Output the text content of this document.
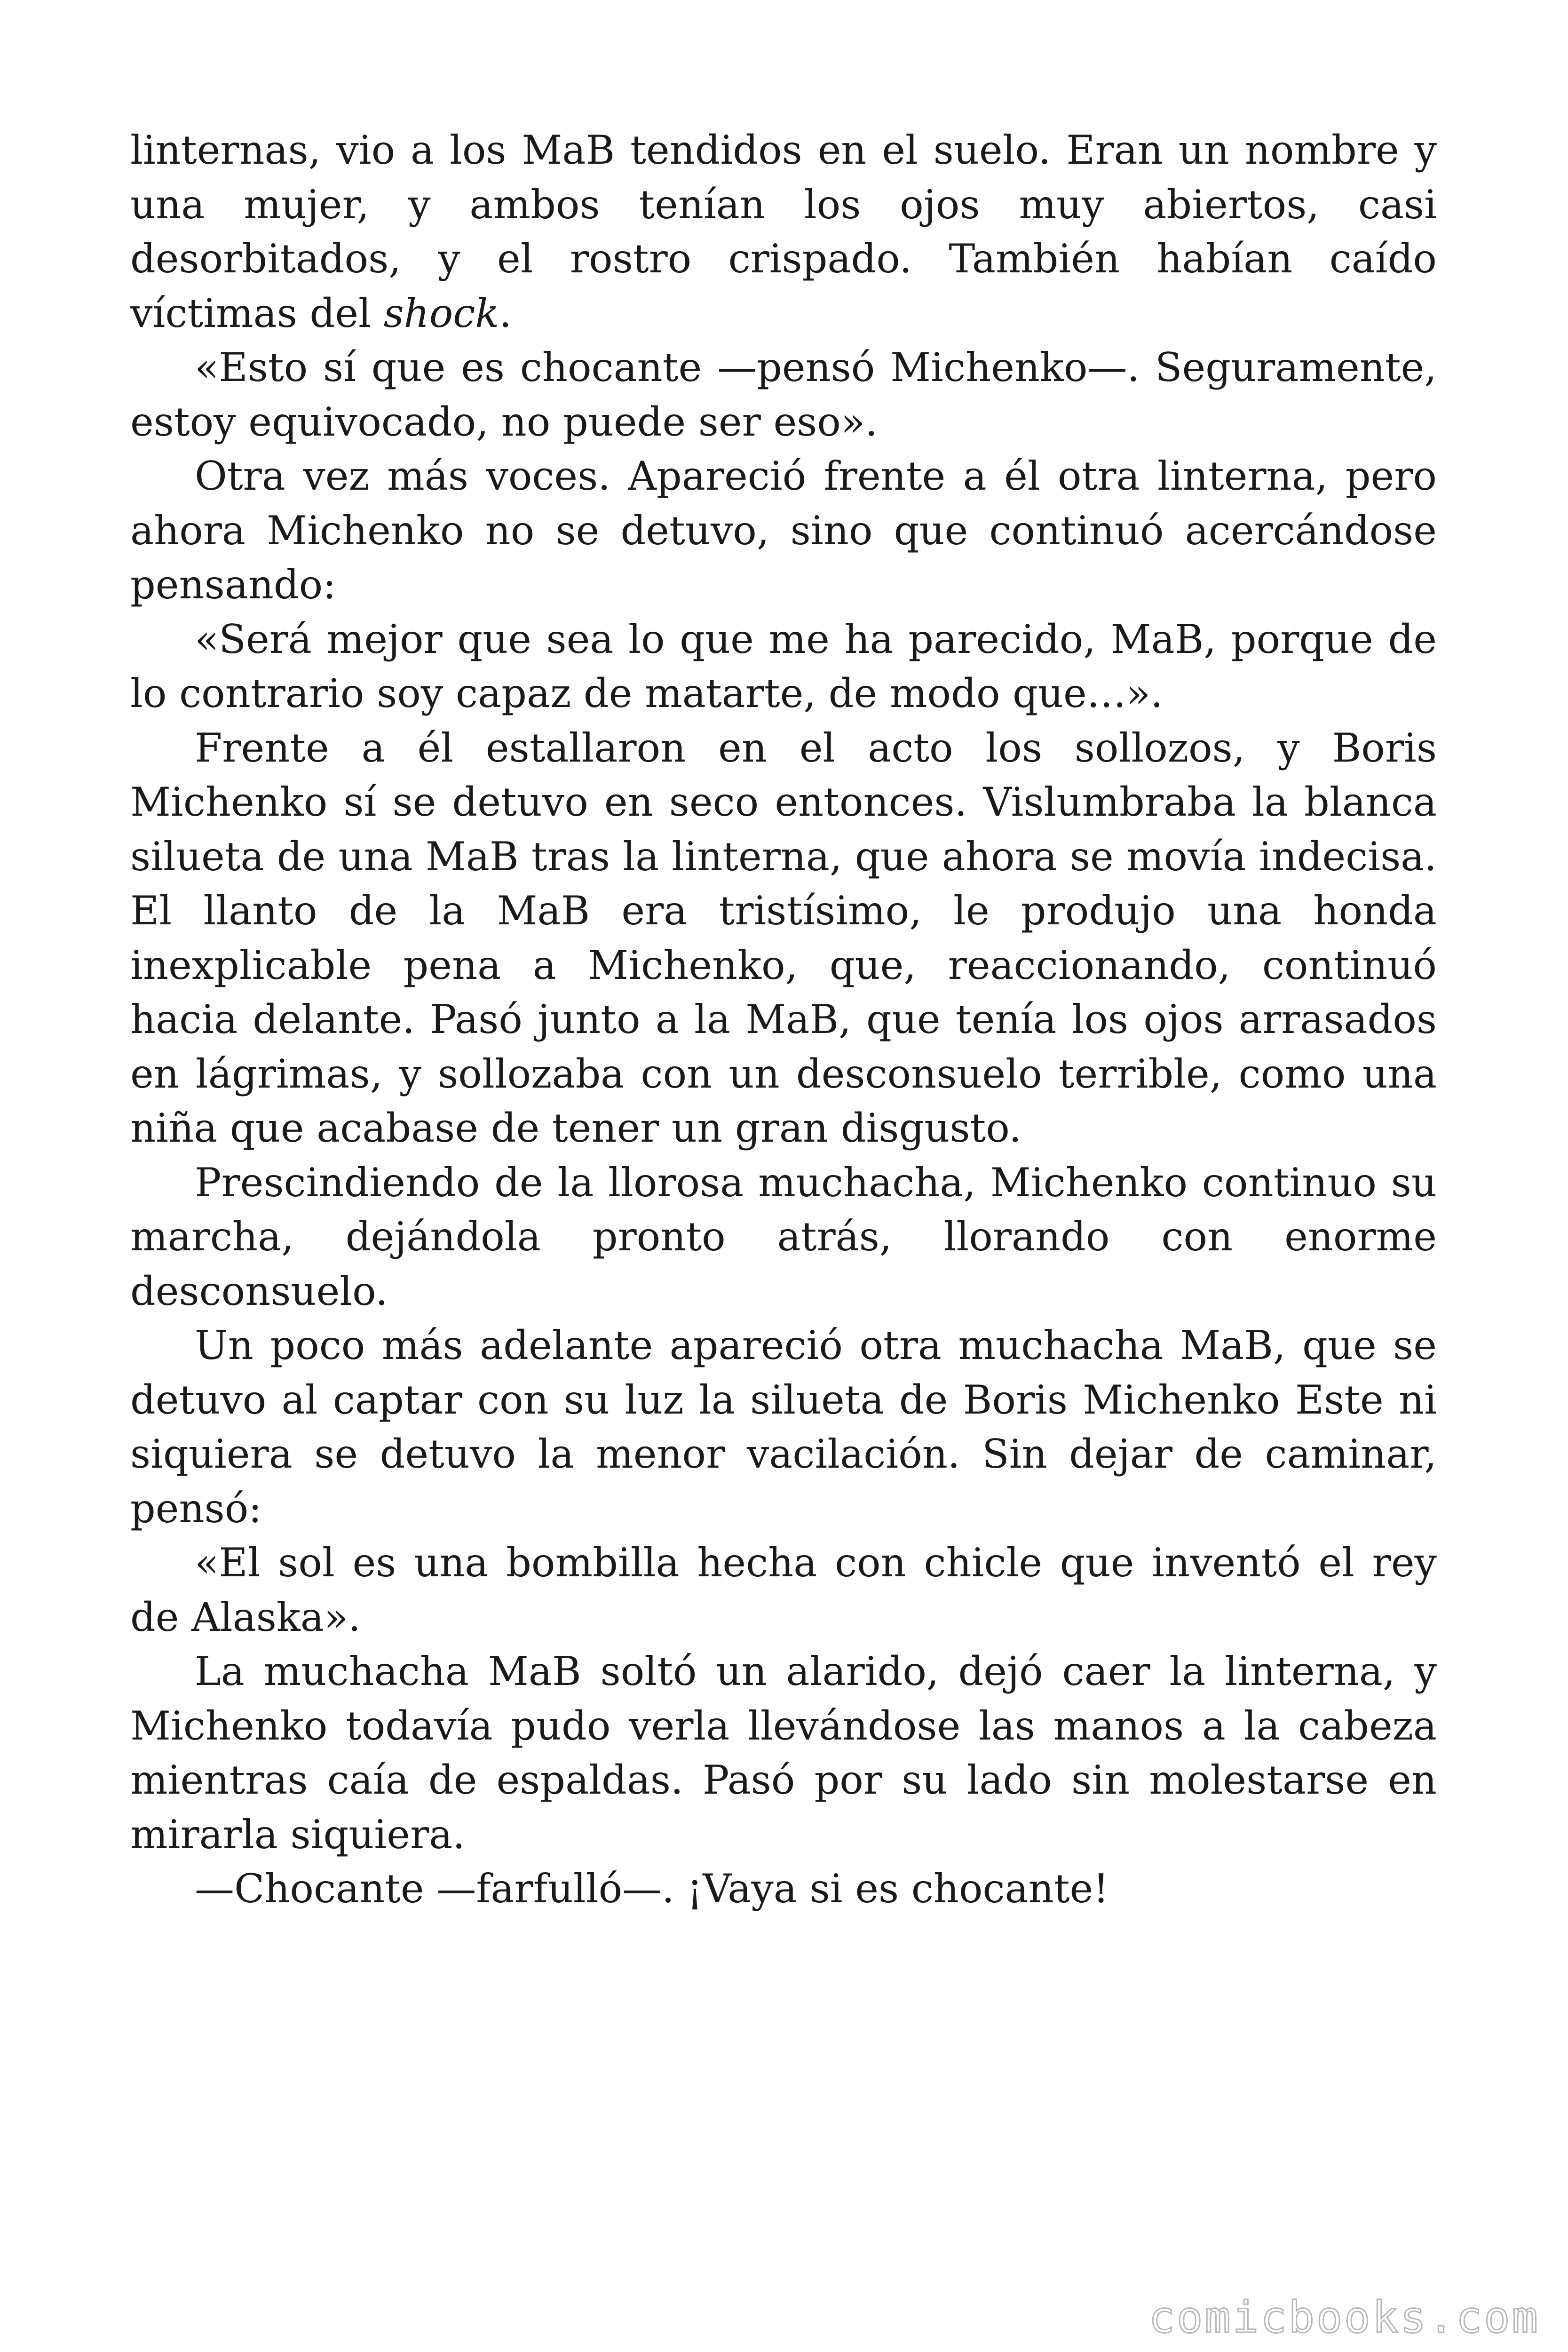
linternas, vio a los MaB tendidos en el suelo. Eran un nombre y una mujer, y ambos tenían los ojos muy abiertos, casi desorbitados, y el rostro crispado. También habían caído víctimas del shock.

«Esto sí que es chocante —pensó Michenko—. Seguramente, estoy equivocado, no puede ser eso».

Otra vez más voces. Apareció frente a él otra linterna, pero ahora Michenko no se detuvo, sino que continuó acercándose pensando:

«Será mejor que sea lo que me ha parecido, MaB, porque de lo contrario soy capaz de matarte, de modo que…».

Frente a él estallaron en el acto los sollozos, y Boris Michenko sí se detuvo en seco entonces. Vislumbraba la blanca silueta de una MaB tras la linterna, que ahora se movía indecisa. El llanto de la MaB era tristísimo, le produjo una honda inexplicable pena a Michenko, que, reaccionando, continuó hacia delante. Pasó junto a la MaB, que tenía los ojos arrasados en lágrimas, y sollozaba con un desconsuelo terrible, como una niña que acabase de tener un gran disgusto.

Prescindiendo de la llorosa muchacha, Michenko continuo su marcha, dejándola pronto atrás, llorando con enorme desconsuelo.

Un poco más adelante apareció otra muchacha MaB, que se detuvo al captar con su luz la silueta de Boris Michenko Este ni siquiera se detuvo la menor vacilación. Sin dejar de caminar, pensó:

«El sol es una bombilla hecha con chicle que inventó el rey de Alaska».

La muchacha MaB soltó un alarido, dejó caer la linterna, y Michenko todavía pudo verla llevándose las manos a la cabeza mientras caía de espaldas. Pasó por su lado sin molestarse en mirarla siquiera.

—Chocante —farfulló—. ¡Vaya si es chocante!

comicbooks.com
